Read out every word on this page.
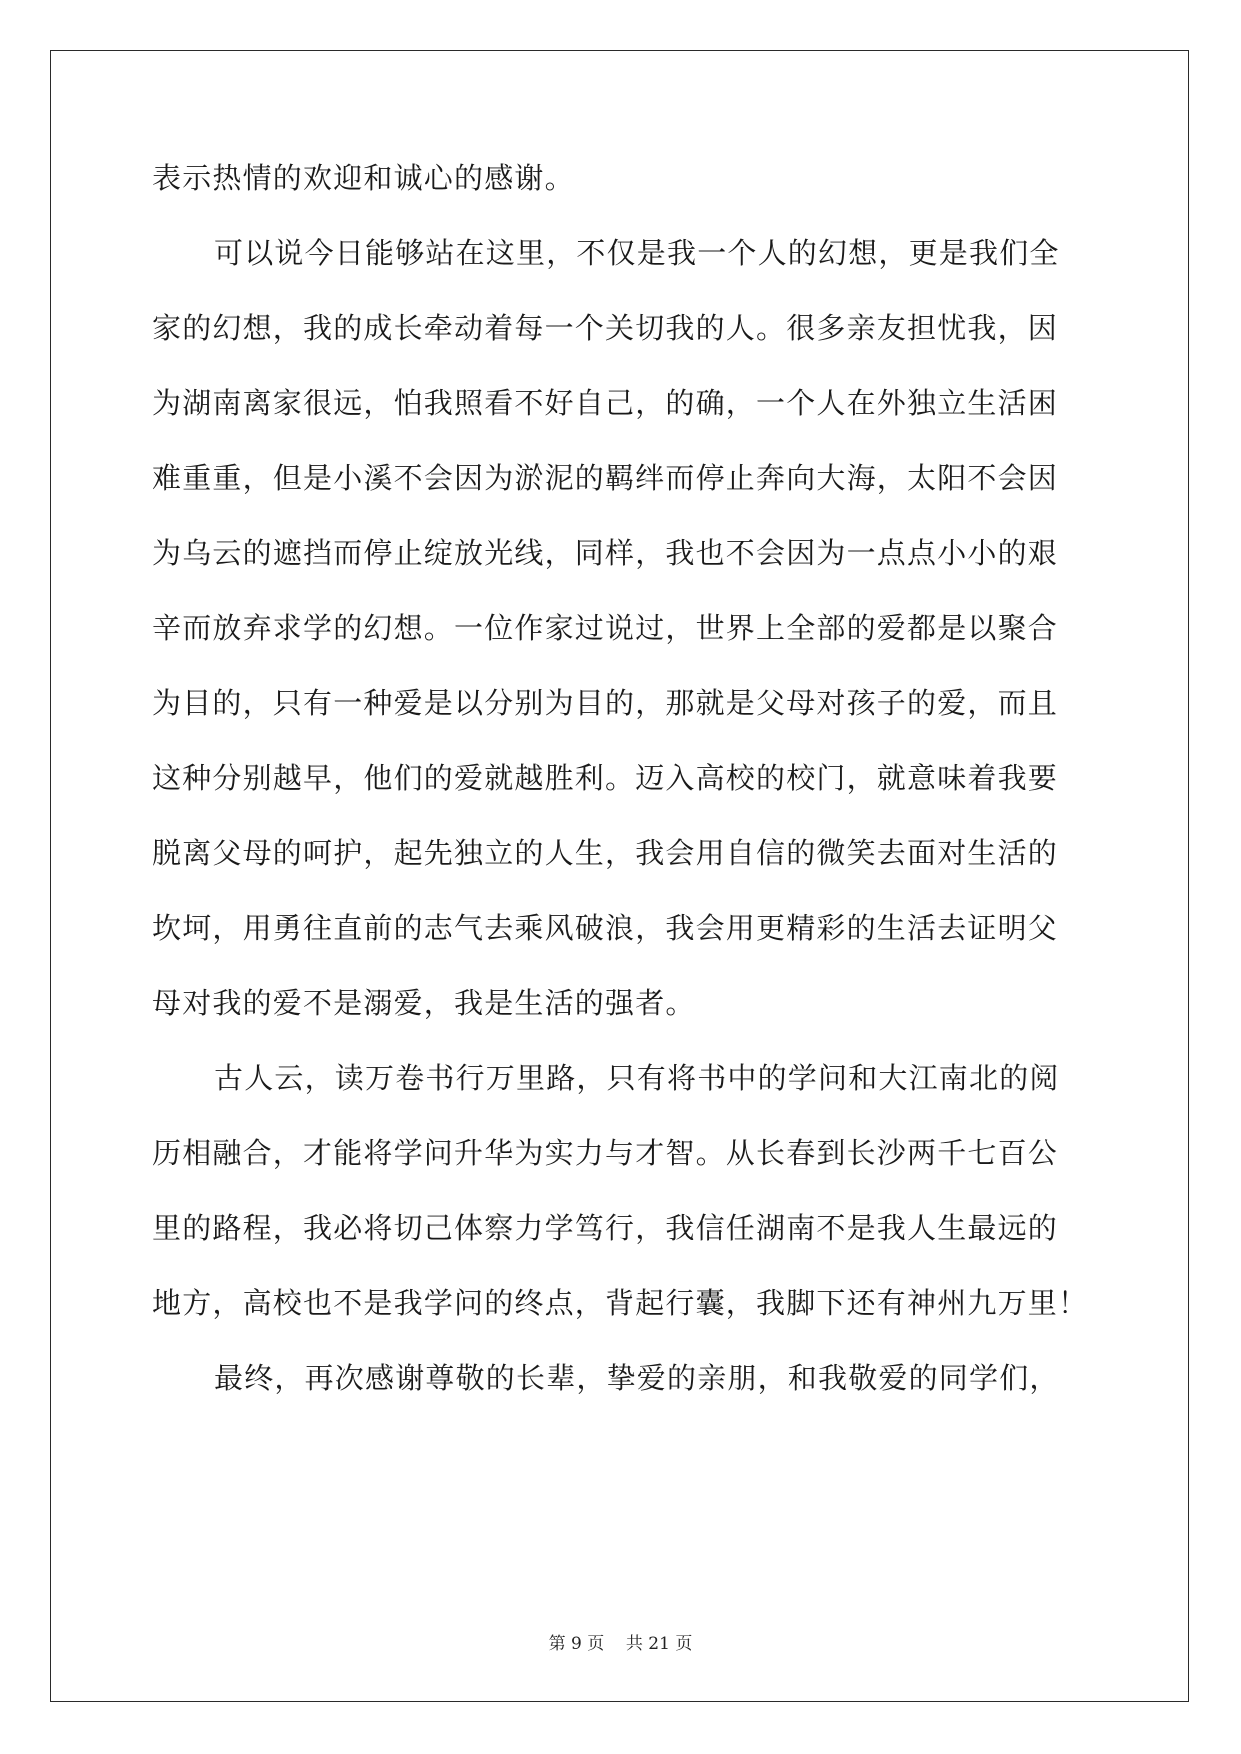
表示热情的欢迎和诚心的感谢。
可以说今日能够站在这里，不仅是我一个人的幻想，更是我们全
家的幻想，我的成长牵动着每一个关切我的人。很多亲友担忧我，因
为湖南离家很远，怕我照看不好自己，的确，一个人在外独立生活困
难重重，但是小溪不会因为淤泥的羁绊而停止奔向大海，太阳不会因
为乌云的遮挡而停止绽放光线，同样，我也不会因为一点点小小的艰
辛而放弃求学的幻想。一位作家过说过，世界上全部的爱都是以聚合
为目的，只有一种爱是以分别为目的，那就是父母对孩子的爱，而且
这种分别越早，他们的爱就越胜利。迈入高校的校门，就意味着我要
脱离父母的呵护，起先独立的人生，我会用自信的微笑去面对生活的
坎坷，用勇往直前的志气去乘风破浪，我会用更精彩的生活去证明父
母对我的爱不是溺爱，我是生活的强者。
古人云，读万卷书行万里路，只有将书中的学问和大江南北的阅
历相融合，才能将学问升华为实力与才智。从长春到长沙两千七百公
里的路程，我必将切己体察力学笃行，我信任湖南不是我人生最远的
地方，高校也不是我学问的终点，背起行囊，我脚下还有神州九万里！
最终，再次感谢尊敬的长辈，挚爱的亲朋，和我敬爱的同学们，
第 9 页    共 21 页
